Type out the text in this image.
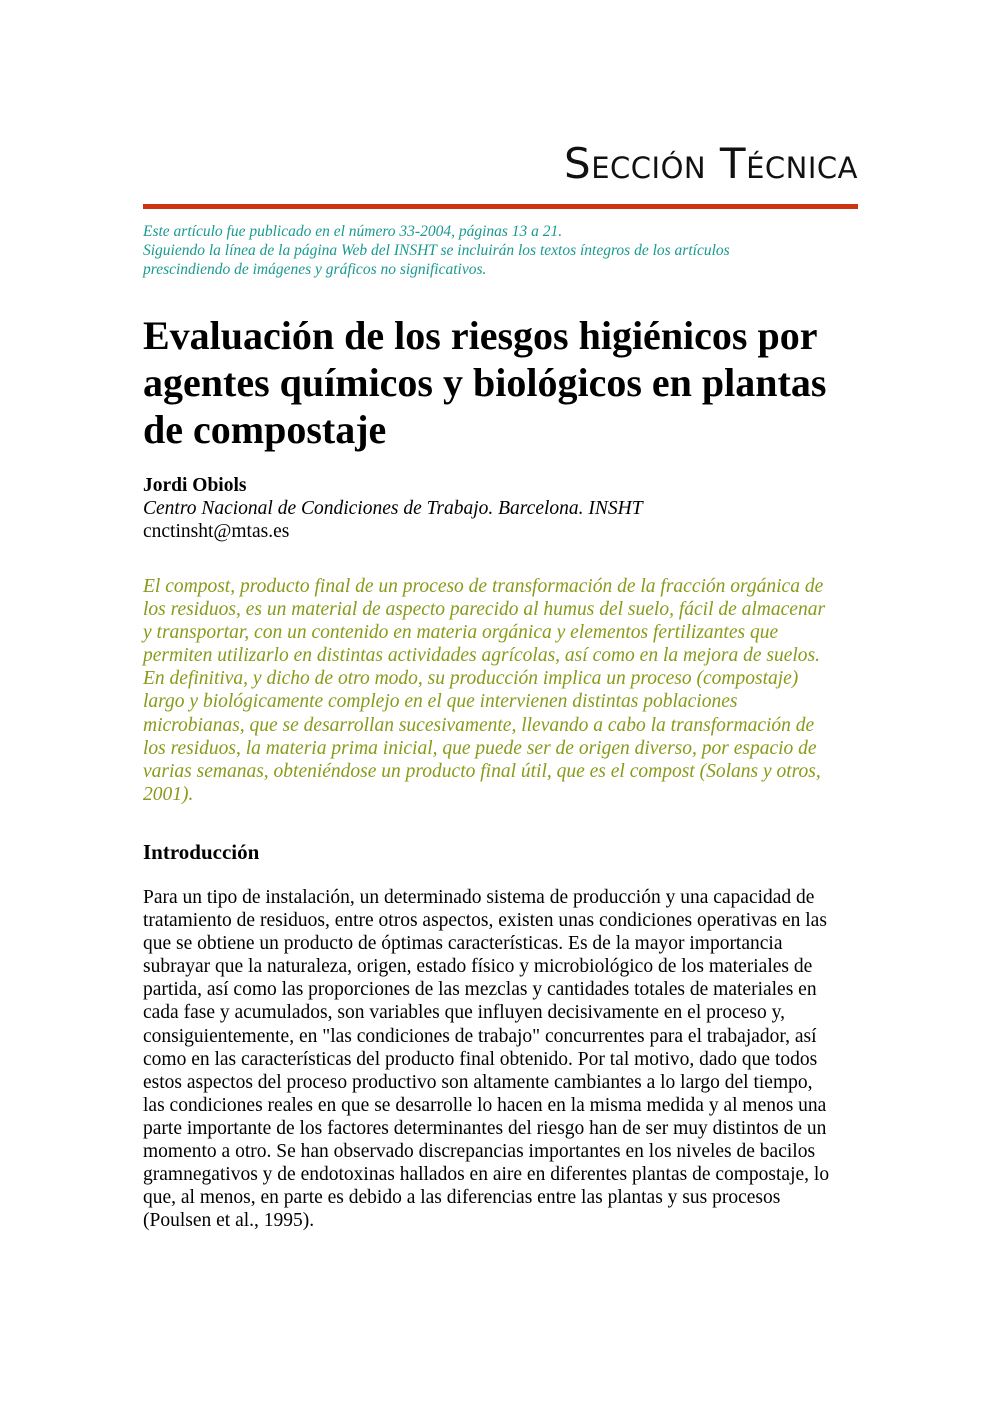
Sección Técnica
Este artículo fue publicado en el número 33-2004, páginas 13 a 21.
Siguiendo la línea de la página Web del INSHT se incluirán los textos íntegros de los artículos
prescindiendo de imágenes y gráficos no significativos.
Evaluación de los riesgos higiénicos por
agentes químicos y biológicos en plantas
de compostaje
Jordi Obiols
Centro Nacional de Condiciones de Trabajo. Barcelona. INSHT
cnctinsht@mtas.es
El compost, producto final de un proceso de transformación de la fracción orgánica de
los residuos, es un material de aspecto parecido al humus del suelo, fácil de almacenar
y transportar, con un contenido en materia orgánica y elementos fertilizantes que
permiten utilizarlo en distintas actividades agrícolas, así como en la mejora de suelos.
En definitiva, y dicho de otro modo, su producción implica un proceso (compostaje)
largo y biológicamente complejo en el que intervienen distintas poblaciones
microbianas, que se desarrollan sucesivamente, llevando a cabo la transformación de
los residuos, la materia prima inicial, que puede ser de origen diverso, por espacio de
varias semanas, obteniéndose un producto final útil, que es el compost (Solans y otros,
2001).
Introducción
Para un tipo de instalación, un determinado sistema de producción y una capacidad de
tratamiento de residuos, entre otros aspectos, existen unas condiciones operativas en las
que se obtiene un producto de óptimas características. Es de la mayor importancia
subrayar que la naturaleza, origen, estado físico y microbiológico de los materiales de
partida, así como las proporciones de las mezclas y cantidades totales de materiales en
cada fase y acumulados, son variables que influyen decisivamente en el proceso y,
consiguientemente, en "las condiciones de trabajo" concurrentes para el trabajador, así
como en las características del producto final obtenido. Por tal motivo, dado que todos
estos aspectos del proceso productivo son altamente cambiantes a lo largo del tiempo,
las condiciones reales en que se desarrolle lo hacen en la misma medida y al menos una
parte importante de los factores determinantes del riesgo han de ser muy distintos de un
momento a otro. Se han observado discrepancias importantes en los niveles de bacilos
gramnegativos y de endotoxinas hallados en aire en diferentes plantas de compostaje, lo
que, al menos, en parte es debido a las diferencias entre las plantas y sus procesos
(Poulsen et al., 1995).
